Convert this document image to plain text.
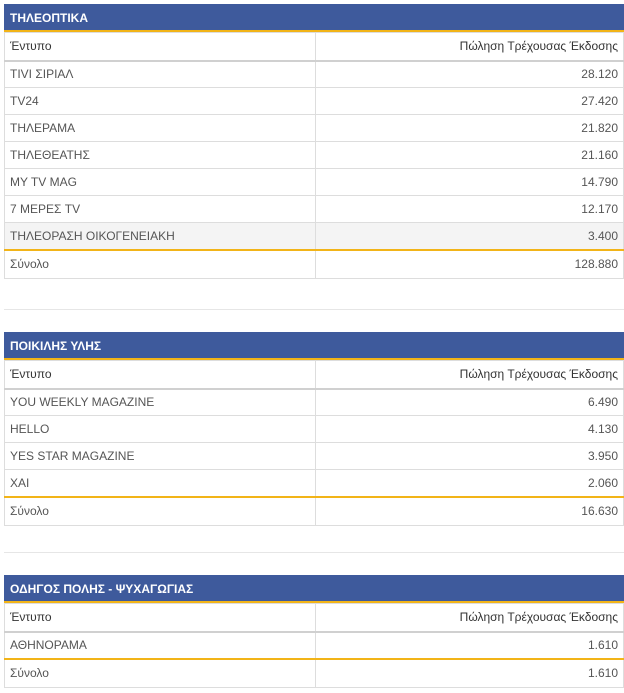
ΤΗΛΕΟΠΤΙΚΑ
Έντυπο	Πώληση Τρέχουσας Έκδοσης
TIVI ΣΙΡΙΑΛ	28.120
TV24	27.420
ΤΗΛΕΡΑΜΑ	21.820
ΤΗΛΕΘΕΑΤΗΣ	21.160
MY TV MAG	14.790
7 ΜΕΡΕΣ TV	12.170
ΤΗΛΕΟΡΑΣΗ ΟΙΚΟΓΕΝΕΙΑΚΗ	3.400
Σύνολο	128.880
ΠΟΙΚΙΛΗΣ ΥΛΗΣ
Έντυπο	Πώληση Τρέχουσας Έκδοσης
YOU WEEKLY MAGAZINE	6.490
HELLO	4.130
YES STAR MAGAZINE	3.950
XAI	2.060
Σύνολο	16.630
ΟΔΗΓΟΣ ΠΟΛΗΣ - ΨΥΧΑΓΩΓΙΑΣ
Έντυπο	Πώληση Τρέχουσας Έκδοσης
ΑΘΗΝΟΡΑΜΑ	1.610
Σύνολο	1.610
